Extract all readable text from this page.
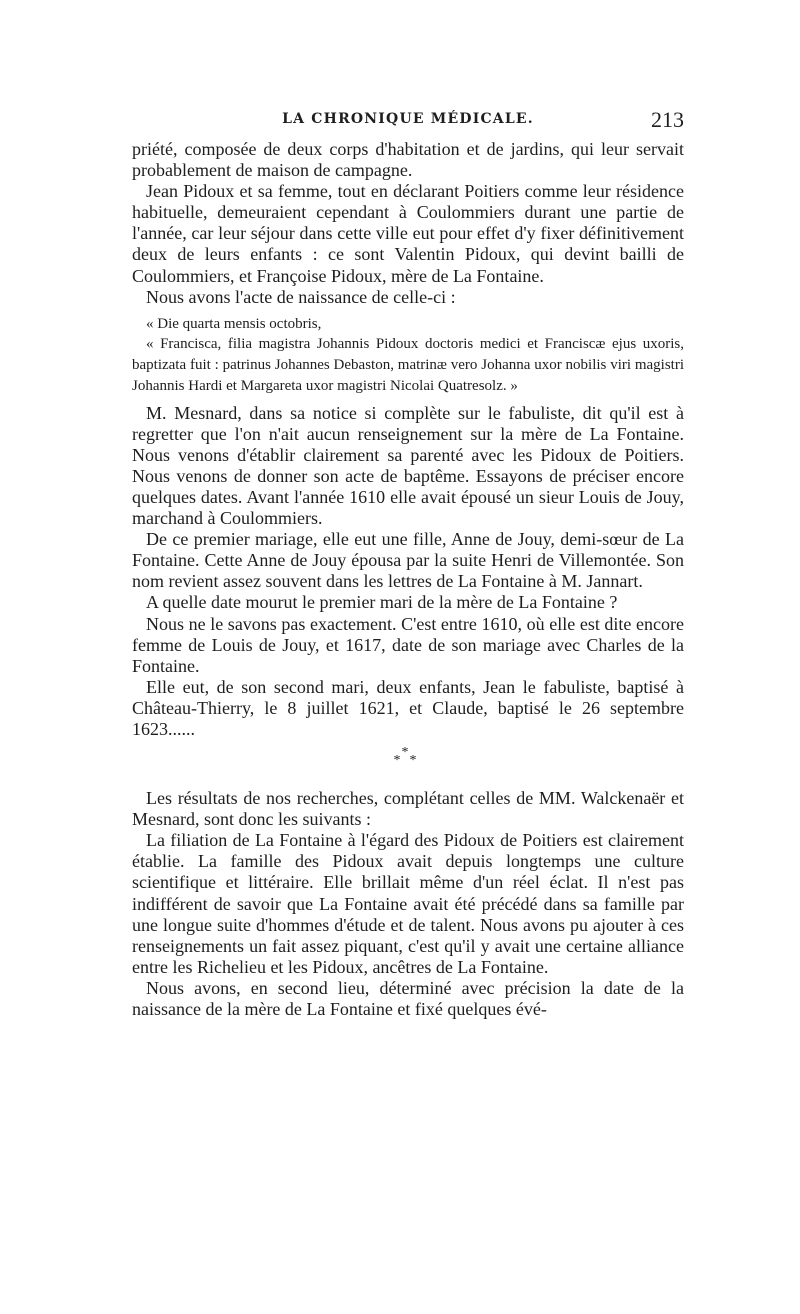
LA CHRONIQUE MÉDICALE.	213

priété, composée de deux corps d'habitation et de jardins, qui leur servait probablement de maison de campagne.

Jean Pidoux et sa femme, tout en déclarant Poitiers comme leur résidence habituelle, demeuraient cependant à Coulommiers durant une partie de l'année, car leur séjour dans cette ville eut pour effet d'y fixer définitivement deux de leurs enfants : ce sont Valentin Pidoux, qui devint bailli de Coulommiers, et Françoise Pidoux, mère de La Fontaine.

Nous avons l'acte de naissance de celle-ci :

« Die quarta mensis octobris,

« Francisca, filia magistra Johannis Pidoux doctoris medici et Franciscæ ejus uxoris, baptizata fuit : patrinus Johannes Debaston, matrinæ vero Johanna uxor nobilis viri magistri Johannis Hardi et Margareta uxor magistri Nicolai Quatresolz. »

M. Mesnard, dans sa notice si complète sur le fabuliste, dit qu'il est à regretter que l'on n'ait aucun renseignement sur la mère de La Fontaine. Nous venons d'établir clairement sa parenté avec les Pidoux de Poitiers. Nous venons de donner son acte de baptême. Essayons de préciser encore quelques dates. Avant l'année 1610 elle avait épousé un sieur Louis de Jouy, marchand à Coulommiers.

De ce premier mariage, elle eut une fille, Anne de Jouy, demi-sœur de La Fontaine. Cette Anne de Jouy épousa par la suite Henri de Villemontée. Son nom revient assez souvent dans les lettres de La Fontaine à M. Jannart.

A quelle date mourut le premier mari de la mère de La Fontaine ?

Nous ne le savons pas exactement. C'est entre 1610, où elle est dite encore femme de Louis de Jouy, et 1617, date de son mariage avec Charles de la Fontaine.

Elle eut, de son second mari, deux enfants, Jean le fabuliste, baptisé à Château-Thierry, le 8 juillet 1621, et Claude, baptisé le 26 septembre 1623......

*
* *

Les résultats de nos recherches, complétant celles de MM. Walckenaër et Mesnard, sont donc les suivants :

La filiation de La Fontaine à l'égard des Pidoux de Poitiers est clairement établie. La famille des Pidoux avait depuis longtemps une culture scientifique et littéraire. Elle brillait même d'un réel éclat. Il n'est pas indifférent de savoir que La Fontaine avait été précédé dans sa famille par une longue suite d'hommes d'étude et de talent. Nous avons pu ajouter à ces renseignements un fait assez piquant, c'est qu'il y avait une certaine alliance entre les Richelieu et les Pidoux, ancêtres de La Fontaine.

Nous avons, en second lieu, déterminé avec précision la date de la naissance de la mère de La Fontaine et fixé quelques évé-
